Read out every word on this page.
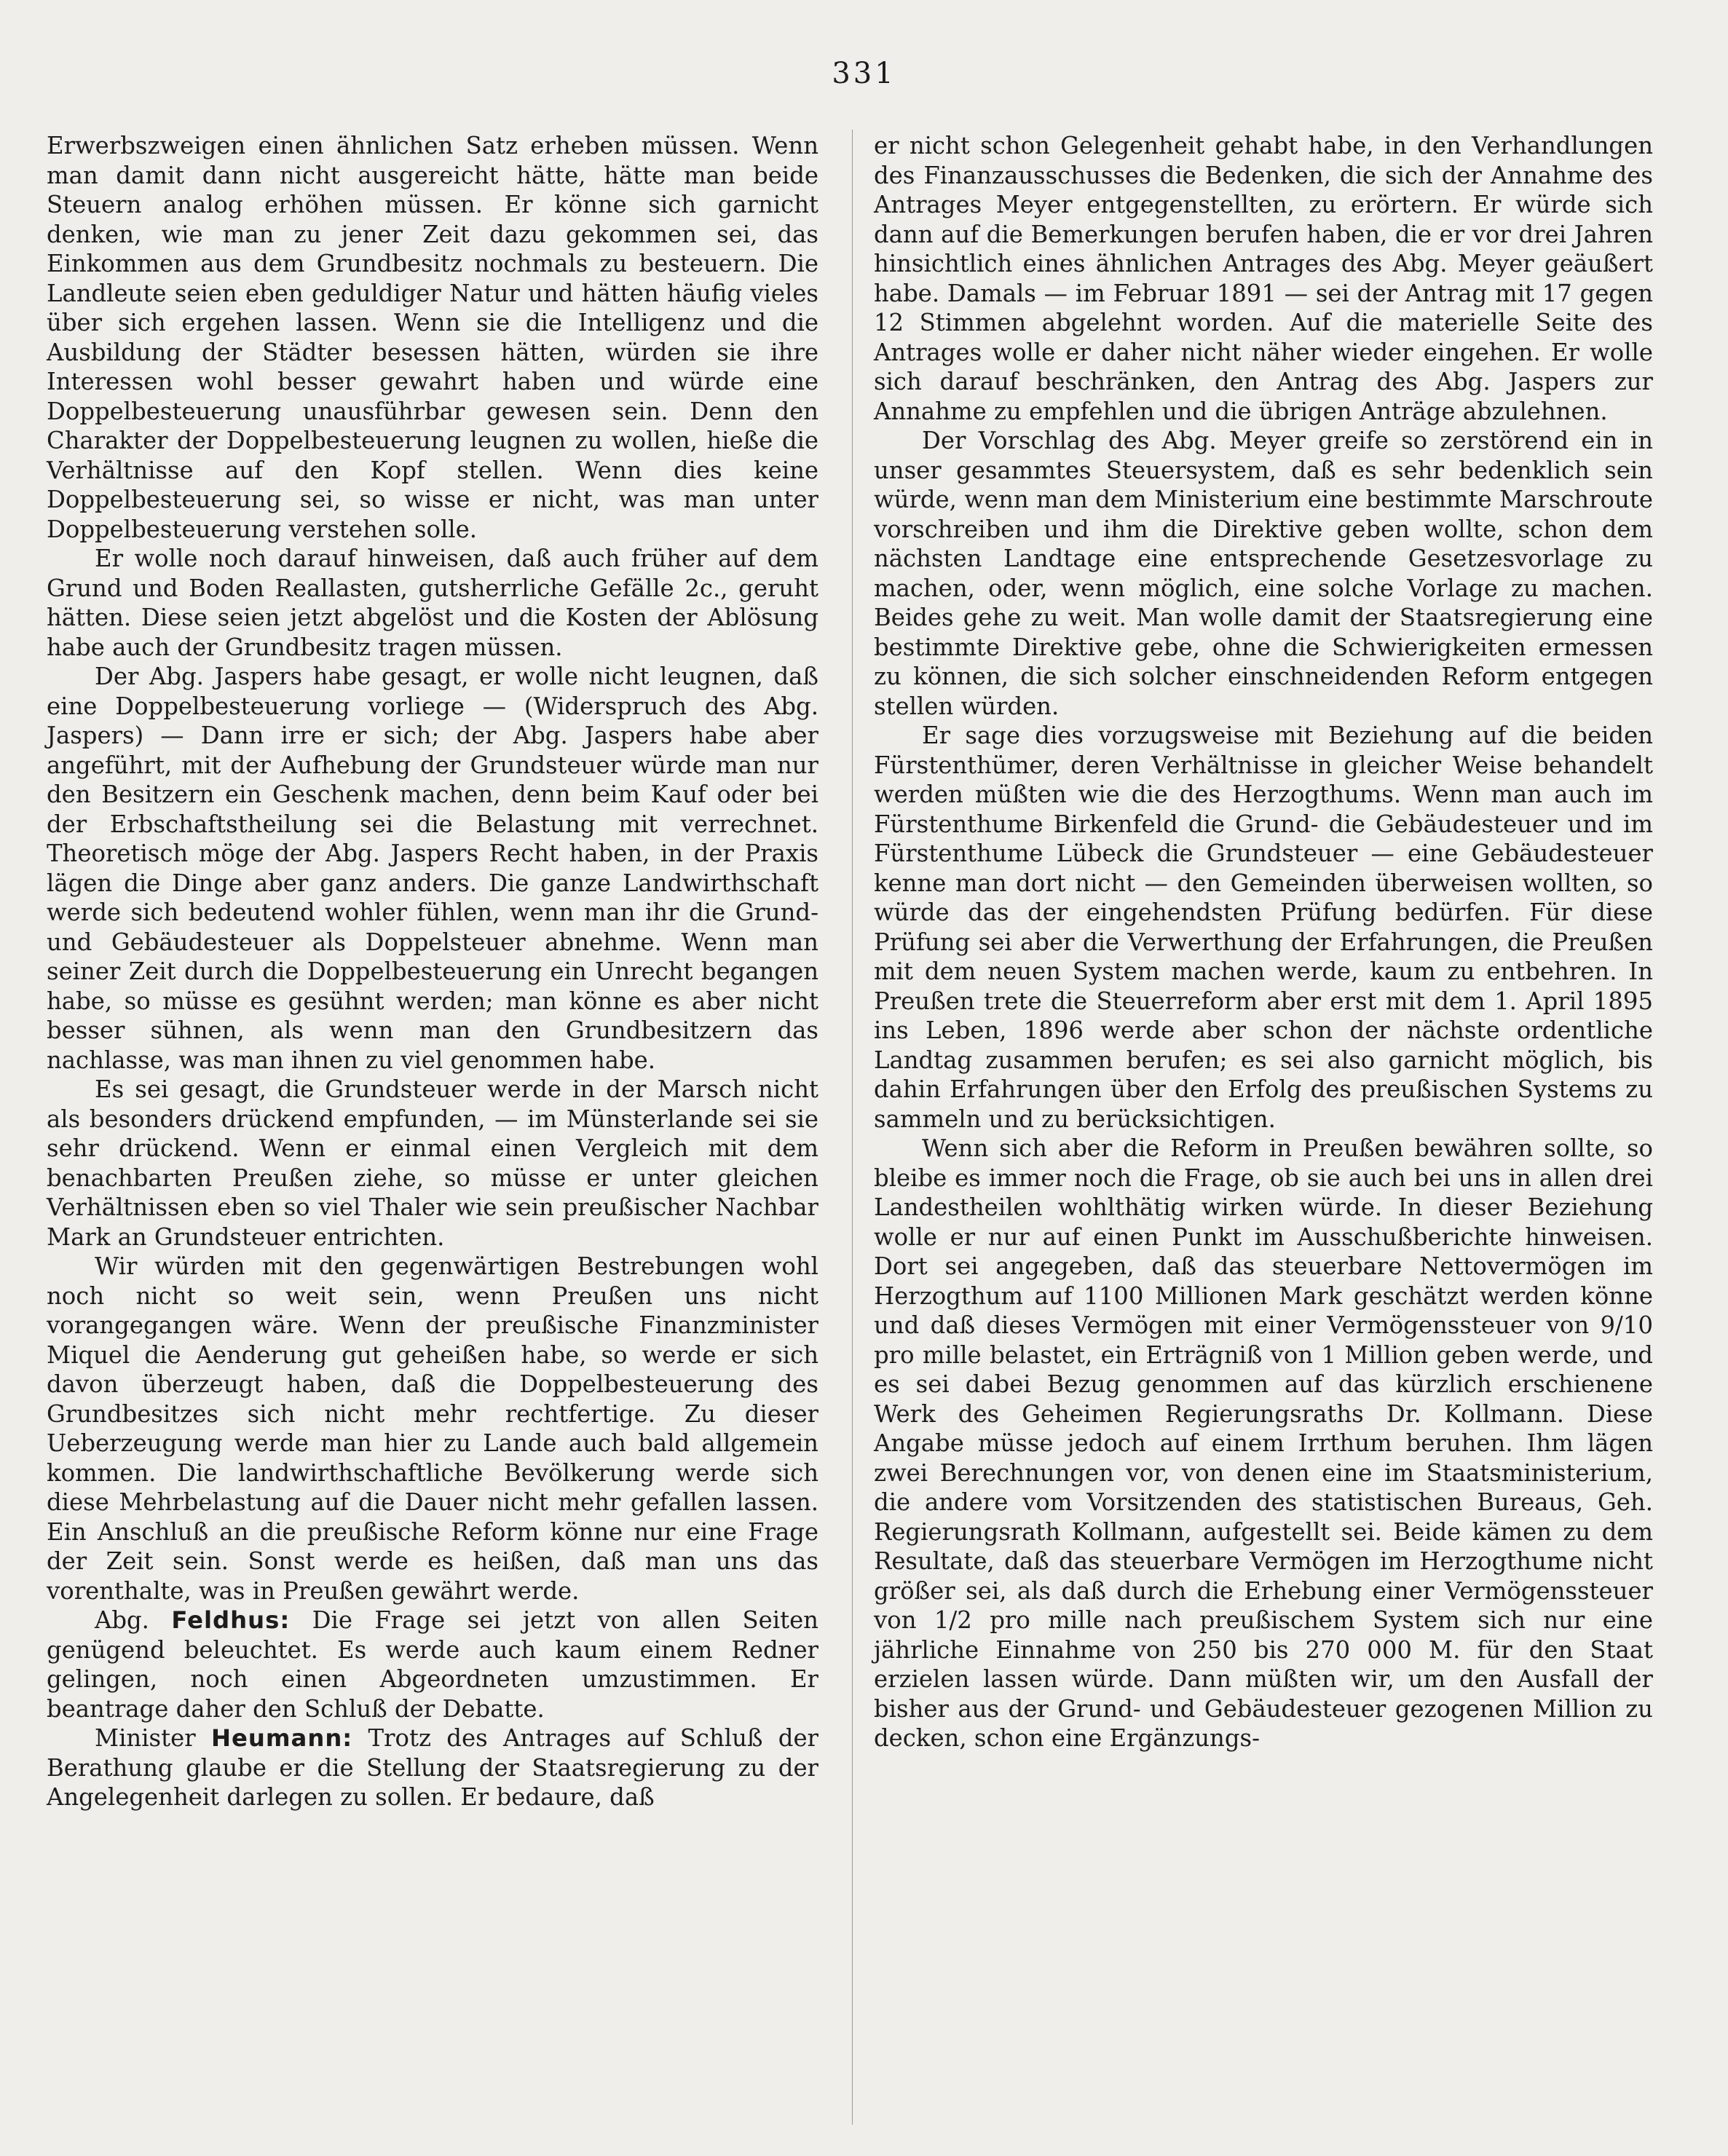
331

Erwerbszweigen einen ähnlichen Satz erheben müssen. Wenn man damit dann nicht ausgereicht hätte, hätte man beide Steuern analog erhöhen müssen. Er könne sich garnicht denken, wie man zu jener Zeit dazu gekommen sei, das Einkommen aus dem Grundbesitz nochmals zu besteuern. Die Landleute seien eben geduldiger Natur und hätten häufig vieles über sich ergehen lassen. Wenn sie die Intelligenz und die Ausbildung der Städter besessen hätten, würden sie ihre Interessen wohl besser gewahrt haben und würde eine Doppelbesteuerung unausführbar gewesen sein. Denn den Charakter der Doppelbesteuerung leugnen zu wollen, hieße die Verhältnisse auf den Kopf stellen. Wenn dies keine Doppelbesteuerung sei, so wisse er nicht, was man unter Doppelbesteuerung verstehen solle.

Er wolle noch darauf hinweisen, daß auch früher auf dem Grund und Boden Reallasten, gutsherrliche Gefälle 2c., geruht hätten. Diese seien jetzt abgelöst und die Kosten der Ablösung habe auch der Grundbesitz tragen müssen.

Der Abg. Jaspers habe gesagt, er wolle nicht leugnen, daß eine Doppelbesteuerung vorliege — (Widerspruch des Abg. Jaspers) — Dann irre er sich; der Abg. Jaspers habe aber angeführt, mit der Aufhebung der Grundsteuer würde man nur den Besitzern ein Geschenk machen, denn beim Kauf oder bei der Erbschaftstheilung sei die Belastung mit verrechnet. Theoretisch möge der Abg. Jaspers Recht haben, in der Praxis lägen die Dinge aber ganz anders. Die ganze Landwirthschaft werde sich bedeutend wohler fühlen, wenn man ihr die Grund- und Gebäudesteuer als Doppelsteuer abnehme. Wenn man seiner Zeit durch die Doppelbesteuerung ein Unrecht begangen habe, so müsse es gesühnt werden; man könne es aber nicht besser sühnen, als wenn man den Grundbesitzern das nachlasse, was man ihnen zu viel genommen habe.

Es sei gesagt, die Grundsteuer werde in der Marsch nicht als besonders drückend empfunden, — im Münsterlande sei sie sehr drückend. Wenn er einmal einen Vergleich mit dem benachbarten Preußen ziehe, so müsse er unter gleichen Verhältnissen eben so viel Thaler wie sein preußischer Nachbar Mark an Grundsteuer entrichten.

Wir würden mit den gegenwärtigen Bestrebungen wohl noch nicht so weit sein, wenn Preußen uns nicht vorangegangen wäre. Wenn der preußische Finanzminister Miquel die Aenderung gut geheißen habe, so werde er sich davon überzeugt haben, daß die Doppelbesteuerung des Grundbesitzes sich nicht mehr rechtfertige. Zu dieser Ueberzeugung werde man hier zu Lande auch bald allgemein kommen. Die landwirthschaftliche Bevölkerung werde sich diese Mehrbelastung auf die Dauer nicht mehr gefallen lassen. Ein Anschluß an die preußische Reform könne nur eine Frage der Zeit sein. Sonst werde es heißen, daß man uns das vorenthalte, was in Preußen gewährt werde.

Abg. Feldhus: Die Frage sei jetzt von allen Seiten genügend beleuchtet. Es werde auch kaum einem Redner gelingen, noch einen Abgeordneten umzustimmen. Er beantrage daher den Schluß der Debatte.

Minister Heumann: Trotz des Antrages auf Schluß der Berathung glaube er die Stellung der Staatsregierung zu der Angelegenheit darlegen zu sollen. Er bedaure, daß

er nicht schon Gelegenheit gehabt habe, in den Verhandlungen des Finanzausschusses die Bedenken, die sich der Annahme des Antrages Meyer entgegenstellten, zu erörtern. Er würde sich dann auf die Bemerkungen berufen haben, die er vor drei Jahren hinsichtlich eines ähnlichen Antrages des Abg. Meyer geäußert habe. Damals — im Februar 1891 — sei der Antrag mit 17 gegen 12 Stimmen abgelehnt worden. Auf die materielle Seite des Antrages wolle er daher nicht näher wieder eingehen. Er wolle sich darauf beschränken, den Antrag des Abg. Jaspers zur Annahme zu empfehlen und die übrigen Anträge abzulehnen.

Der Vorschlag des Abg. Meyer greife so zerstörend ein in unser gesammtes Steuersystem, daß es sehr bedenklich sein würde, wenn man dem Ministerium eine bestimmte Marschroute vorschreiben und ihm die Direktive geben wollte, schon dem nächsten Landtage eine entsprechende Gesetzesvorlage zu machen, oder, wenn möglich, eine solche Vorlage zu machen. Beides gehe zu weit. Man wolle damit der Staatsregierung eine bestimmte Direktive gebe, ohne die Schwierigkeiten ermessen zu können, die sich solcher einschneidenden Reform entgegen stellen würden.

Er sage dies vorzugsweise mit Beziehung auf die beiden Fürstenthümer, deren Verhältnisse in gleicher Weise behandelt werden müßten wie die des Herzogthums. Wenn man auch im Fürstenthume Birkenfeld die Grund- die Gebäudesteuer und im Fürstenthume Lübeck die Grundsteuer — eine Gebäudesteuer kenne man dort nicht — den Gemeinden überweisen wollten, so würde das der eingehendsten Prüfung bedürfen. Für diese Prüfung sei aber die Verwerthung der Erfahrungen, die Preußen mit dem neuen System machen werde, kaum zu entbehren. In Preußen trete die Steuerreform aber erst mit dem 1. April 1895 ins Leben, 1896 werde aber schon der nächste ordentliche Landtag zusammen berufen; es sei also garnicht möglich, bis dahin Erfahrungen über den Erfolg des preußischen Systems zu sammeln und zu berücksichtigen.

Wenn sich aber die Reform in Preußen bewähren sollte, so bleibe es immer noch die Frage, ob sie auch bei uns in allen drei Landestheilen wohlthätig wirken würde. In dieser Beziehung wolle er nur auf einen Punkt im Ausschußberichte hinweisen. Dort sei angegeben, daß das steuerbare Nettovermögen im Herzogthum auf 1100 Millionen Mark geschätzt werden könne und daß dieses Vermögen mit einer Vermögenssteuer von 9/10 pro mille belastet, ein Erträgniß von 1 Million geben werde, und es sei dabei Bezug genommen auf das kürzlich erschienene Werk des Geheimen Regierungsraths Dr. Kollmann. Diese Angabe müsse jedoch auf einem Irrthum beruhen. Ihm lägen zwei Berechnungen vor, von denen eine im Staatsministerium, die andere vom Vorsitzenden des statistischen Bureaus, Geh. Regierungsrath Kollmann, aufgestellt sei. Beide kämen zu dem Resultate, daß das steuerbare Vermögen im Herzogthume nicht größer sei, als daß durch die Erhebung einer Vermögenssteuer von 1/2 pro mille nach preußischem System sich nur eine jährliche Einnahme von 250 bis 270 000 M. für den Staat erzielen lassen würde. Dann müßten wir, um den Ausfall der bisher aus der Grund- und Gebäudesteuer gezogenen Million zu decken, schon eine Ergänzungs-
